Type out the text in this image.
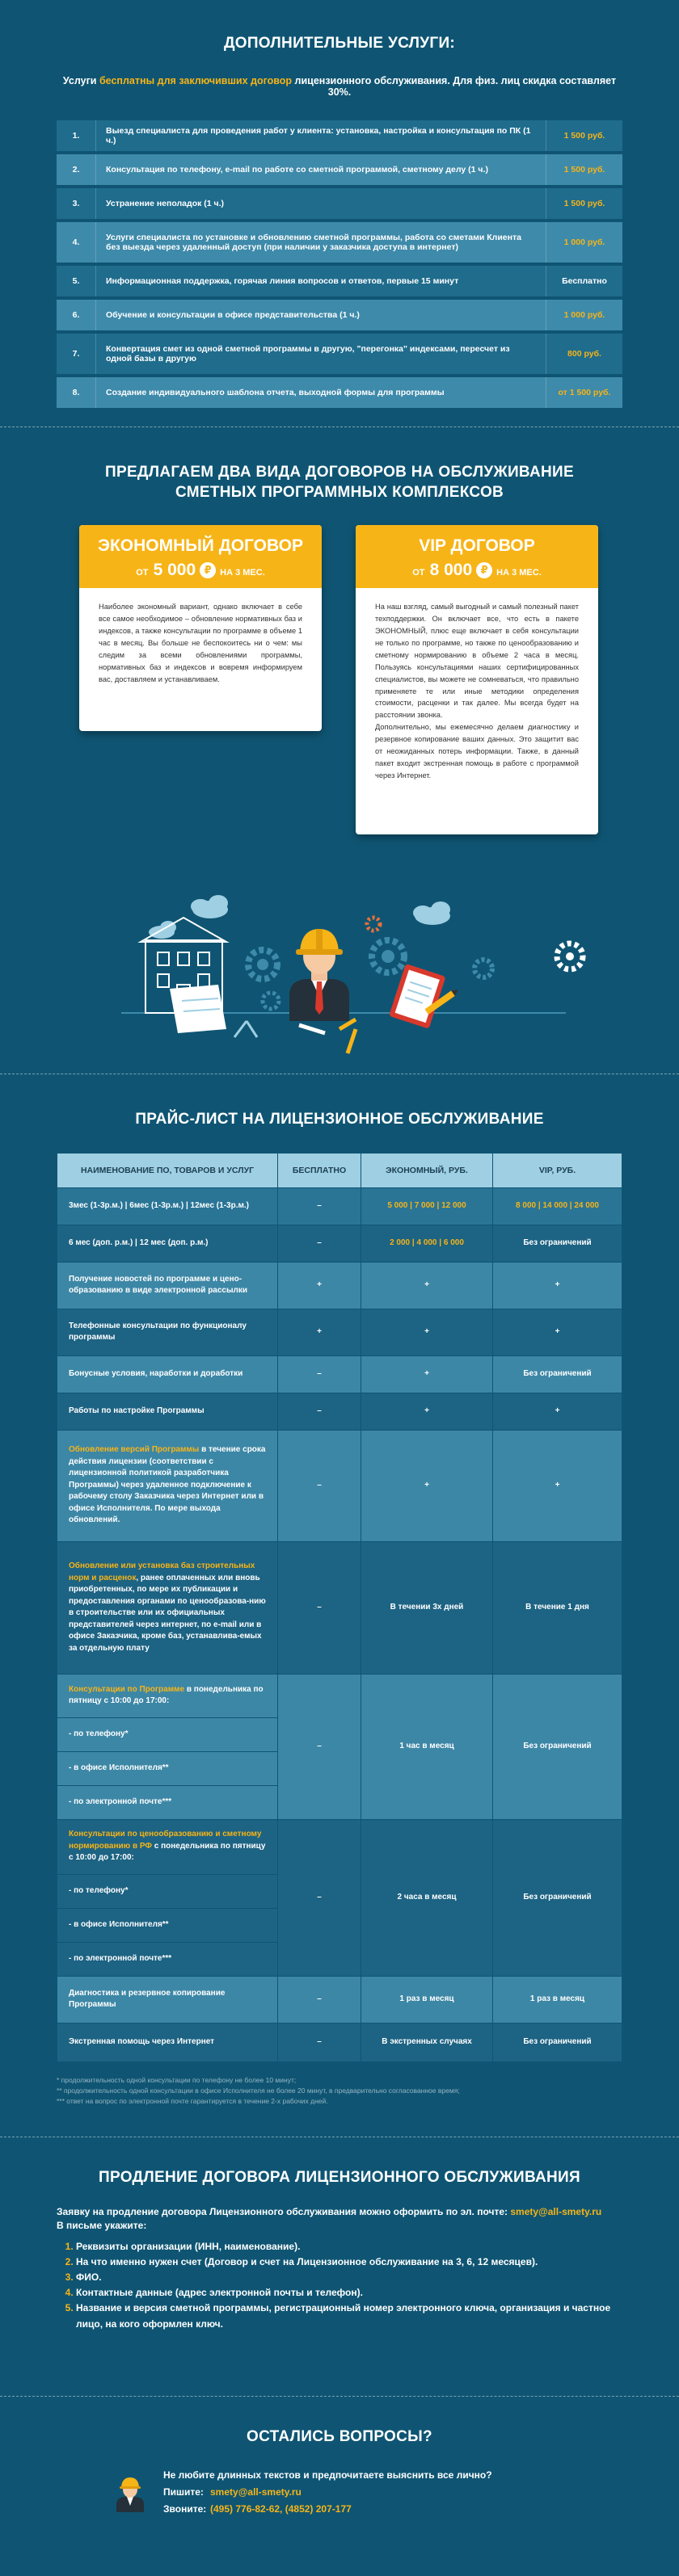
ДОПОЛНИТЕЛЬНЫЕ УСЛУГИ:
Услуги бесплатны для заключивших договор лицензионного обслуживания. Для физ. лиц скидка составляет 30%.
1.	Выезд специалиста для проведения работ у клиента: установка, настройка и консультация по ПК (1 ч.)	1 500 руб.
2.	Консультация по телефону, e-mail по работе со сметной программой, сметному делу (1 ч.)	1 500 руб.
3.	Устранение неполадок (1 ч.)	1 500 руб.
4.	Услуги специалиста по установке и обновлению сметной программы, работа со сметами Клиента без выезда через удаленный доступ (при наличии у заказчика доступа в интернет)	1 000 руб.
5.	Информационная поддержка, горячая линия вопросов и ответов, первые 15 минут	Бесплатно
6.	Обучение и консультации в офисе представительства (1 ч.)	1 000 руб.
7.	Конвертация смет из одной сметной программы в другую, "перегонка" индексами, пересчет из одной базы в другую	800 руб.
8.	Создание индивидуального шаблона отчета, выходной формы для программы	от 1 500 руб.
ПРЕДЛАГАЕМ ДВА ВИДА ДОГОВОРОВ НА ОБСЛУЖИВАНИЕ
СМЕТНЫХ ПРОГРАММНЫХ КОМПЛЕКСОВ
ЭКОНОМНЫЙ ДОГОВОР
ОТ 5 000 ₽ НА 3 МЕС.

Наиболее экономный вариант, однако включает в себе все самое необходимое – обновление нормативных баз и индексов, а также консультации по программе в объеме 1 час в месяц. Вы больше не беспокоитесь ни о чем: мы следим за всеми обновлениями программы, нормативных баз и индексов и вовремя информируем вас, доставляем и устанавливаем.

VIP ДОГОВОР
ОТ 8 000 ₽ НА 3 МЕС.

На наш взгляд, самый выгодный и самый полезный пакет техподдержки. Он включает все, что есть в пакете ЭКОНОМНЫЙ, плюс еще включает в себя консультации не только по программе, но также по ценообразованию и сметному нормированию в объеме 2 часа в месяц. Пользуясь консультациями наших сертифицированных специалистов, вы можете не сомневаться, что правильно применяете те или иные методики определения стоимости, расценки и так далее. Мы всегда будет на расстоянии звонка.

Дополнительно, мы ежемесячно делаем диагностику и резервное копирование ваших данных. Это защитит вас от неожиданных потерь информации. Также, в данный пакет входит экстренная помощь в работе с программой через Интернет.

ПРАЙС-ЛИСТ НА ЛИЦЕНЗИОННОЕ ОБСЛУЖИВАНИЕ
НАИМЕНОВАНИЕ ПО, ТОВАРОВ И УСЛУГ	БЕСПЛАТНО	ЭКОНОМНЫЙ, РУБ.	VIP, РУБ.
3мес (1-3р.м.) | 6мес (1-3р.м.) | 12мес (1-3р.м.)	–	5 000 | 7 000 | 12 000	8 000 | 14 000 | 24 000
6 мес (доп. р.м.) | 12 мес (доп. р.м.)	–	2 000 | 4 000 | 6 000	Без ограничений
Получение новостей по программе и цено-образованию в виде электронной рассылки	+	+	+
Телефонные консультации по функционалу программы	+	+	+
Бонусные условия, наработки и доработки	–	+	Без ограничений
Работы по настройке Программы	–	+	+
Обновление версий Программы в течение срока действия лицензии (соответствии с лицензионной политикой разработчика Программы) через удаленное подключение к рабочему столу Заказчика через Интернет или в офисе Исполнителя. По мере выхода обновлений.	–	+	+
Обновление или установка баз строительных норм и расценок, ранее оплаченных или вновь приобретенных, по мере их публикации и предоставления органами по ценообразова-нию в строительстве или их официальных представителей через интернет, по e-mail или в офисе Заказчика, кроме баз, устанавлива-емых за отдельную плату	–	В течении 3х дней	В течение 1 дня
Консультации по Программе в понедельника по пятницу с 10:00 до 17:00:	–	1 час в месяц	Без ограничений
- по телефону*			
- в офисе Исполнителя**			
- по электронной почте***			
Консультации по ценообразованию и сметному нормированию в РФ с понедельника по пятницу с 10:00 до 17:00:	–	2 часа в месяц	Без ограничений
- по телефону*			
- в офисе Исполнителя**			
- по электронной почте***			
Диагностика и резервное копирование Программы	–	1 раз в месяц	1 раз в месяц
Экстренная помощь через Интернет	–	В экстренных случаях	Без ограничений
* продолжительность одной консультации по телефону не более 10 минут;
** продолжительность одной консультации в офисе Исполнителя не более 20 минут, в предварительно согласованное время;
*** ответ на вопрос по электронной почте гарантируется в течение 2-х рабочих дней.
ПРОДЛЕНИЕ ДОГОВОРА ЛИЦЕНЗИОННОГО ОБСЛУЖИВАНИЯ
Заявку на продление договора Лицензионного обслуживания можно оформить по эл. почте: smety@all-smety.ru
В письме укажите:
1. Реквизиты организации (ИНН, наименование).
2. На что именно нужен счет (Договор и счет на Лицензионное обслуживание на 3, 6, 12 месяцев).
3. ФИО.
4. Контактные данные (адрес электронной почты и телефон).
5. Название и версия сметной программы, регистрационный номер электронного ключа, организация и частное лицо, на кого оформлен ключ.
ОСТАЛИСЬ ВОПРОСЫ?
Не любите длинных текстов и предпочитаете выяснить все лично?
Пишите: smety@all-smety.ru
Звоните: (495) 776-82-62, (4852) 207-177
